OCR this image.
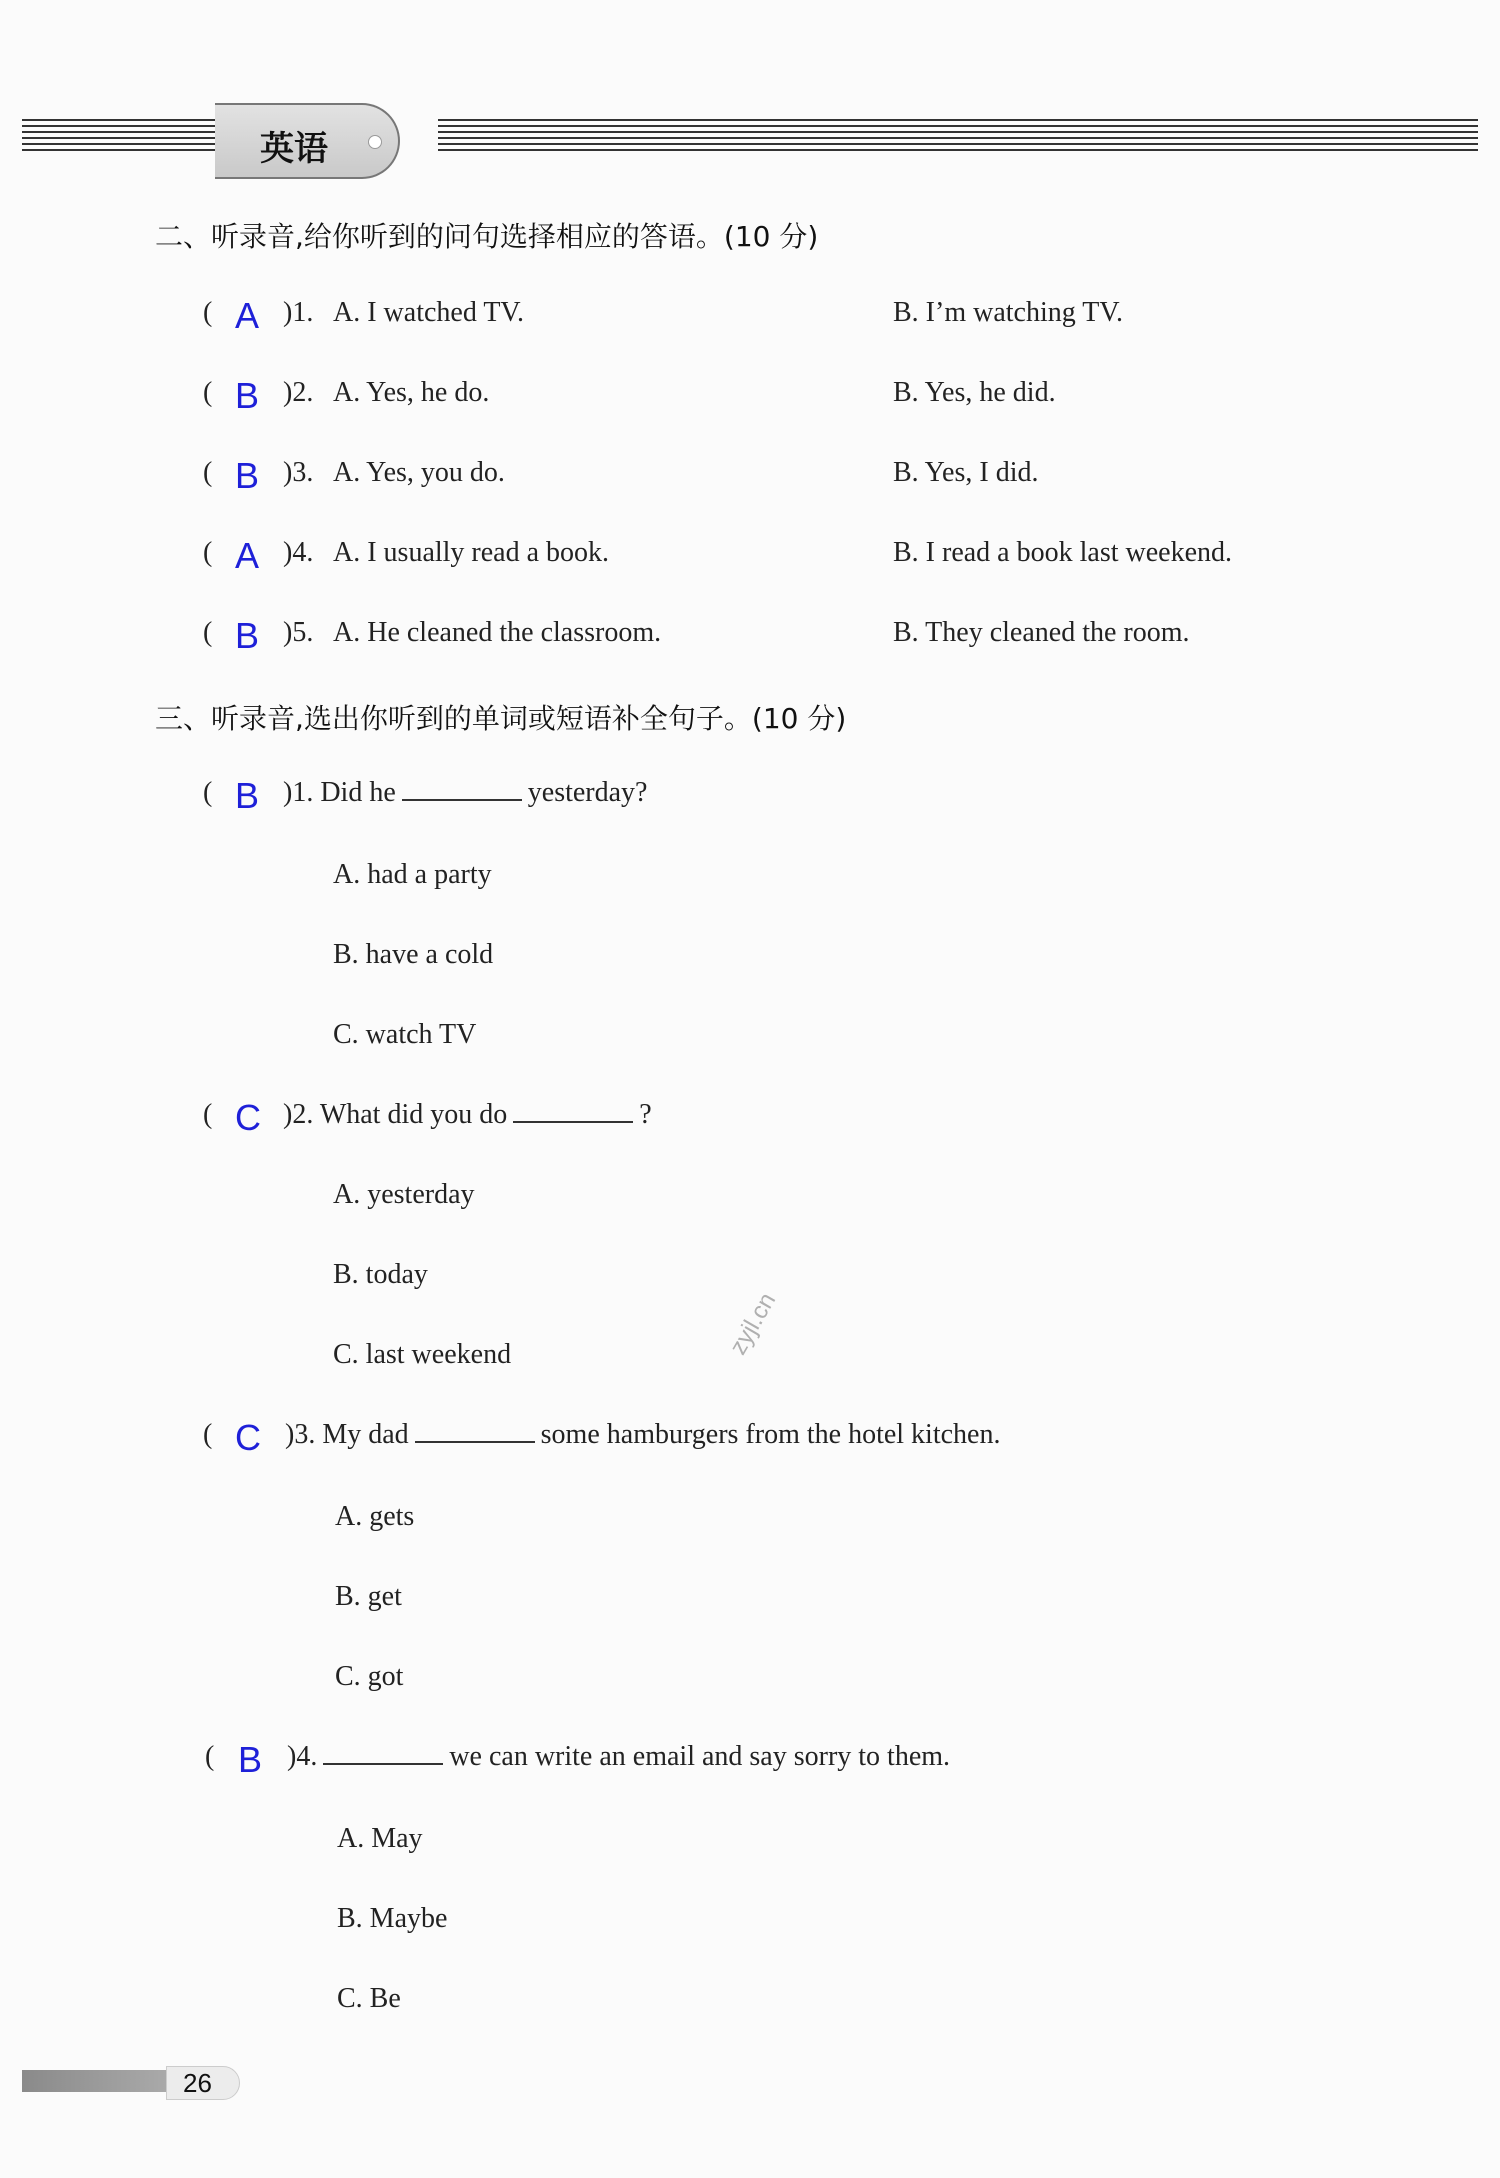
英语
二、听录音,给你听到的问句选择相应的答语。(10 分)
( A )1. A. I watched TV.	B. I’m watching TV.
( B )2. A. Yes, he do.	B. Yes, he did.
( B )3. A. Yes, you do.	B. Yes, I did.
( A )4. A. I usually read a book.	B. I read a book last weekend.
( B )5. A. He cleaned the classroom.	B. They cleaned the room.
三、听录音,选出你听到的单词或短语补全句子。(10 分)
( B )1. Did he	yesterday?
A. had a party
B. have a cold
C. watch TV
( C )2. What did you do	?
A. yesterday
B. today
C. last weekend
( C )3. My dad	some hamburgers from the hotel kitchen.
A. gets
B. get
C. got
( B )4.	we can write an email and say sorry to them.
A. May
B. Maybe
C. Be
zyjl.cn
26
